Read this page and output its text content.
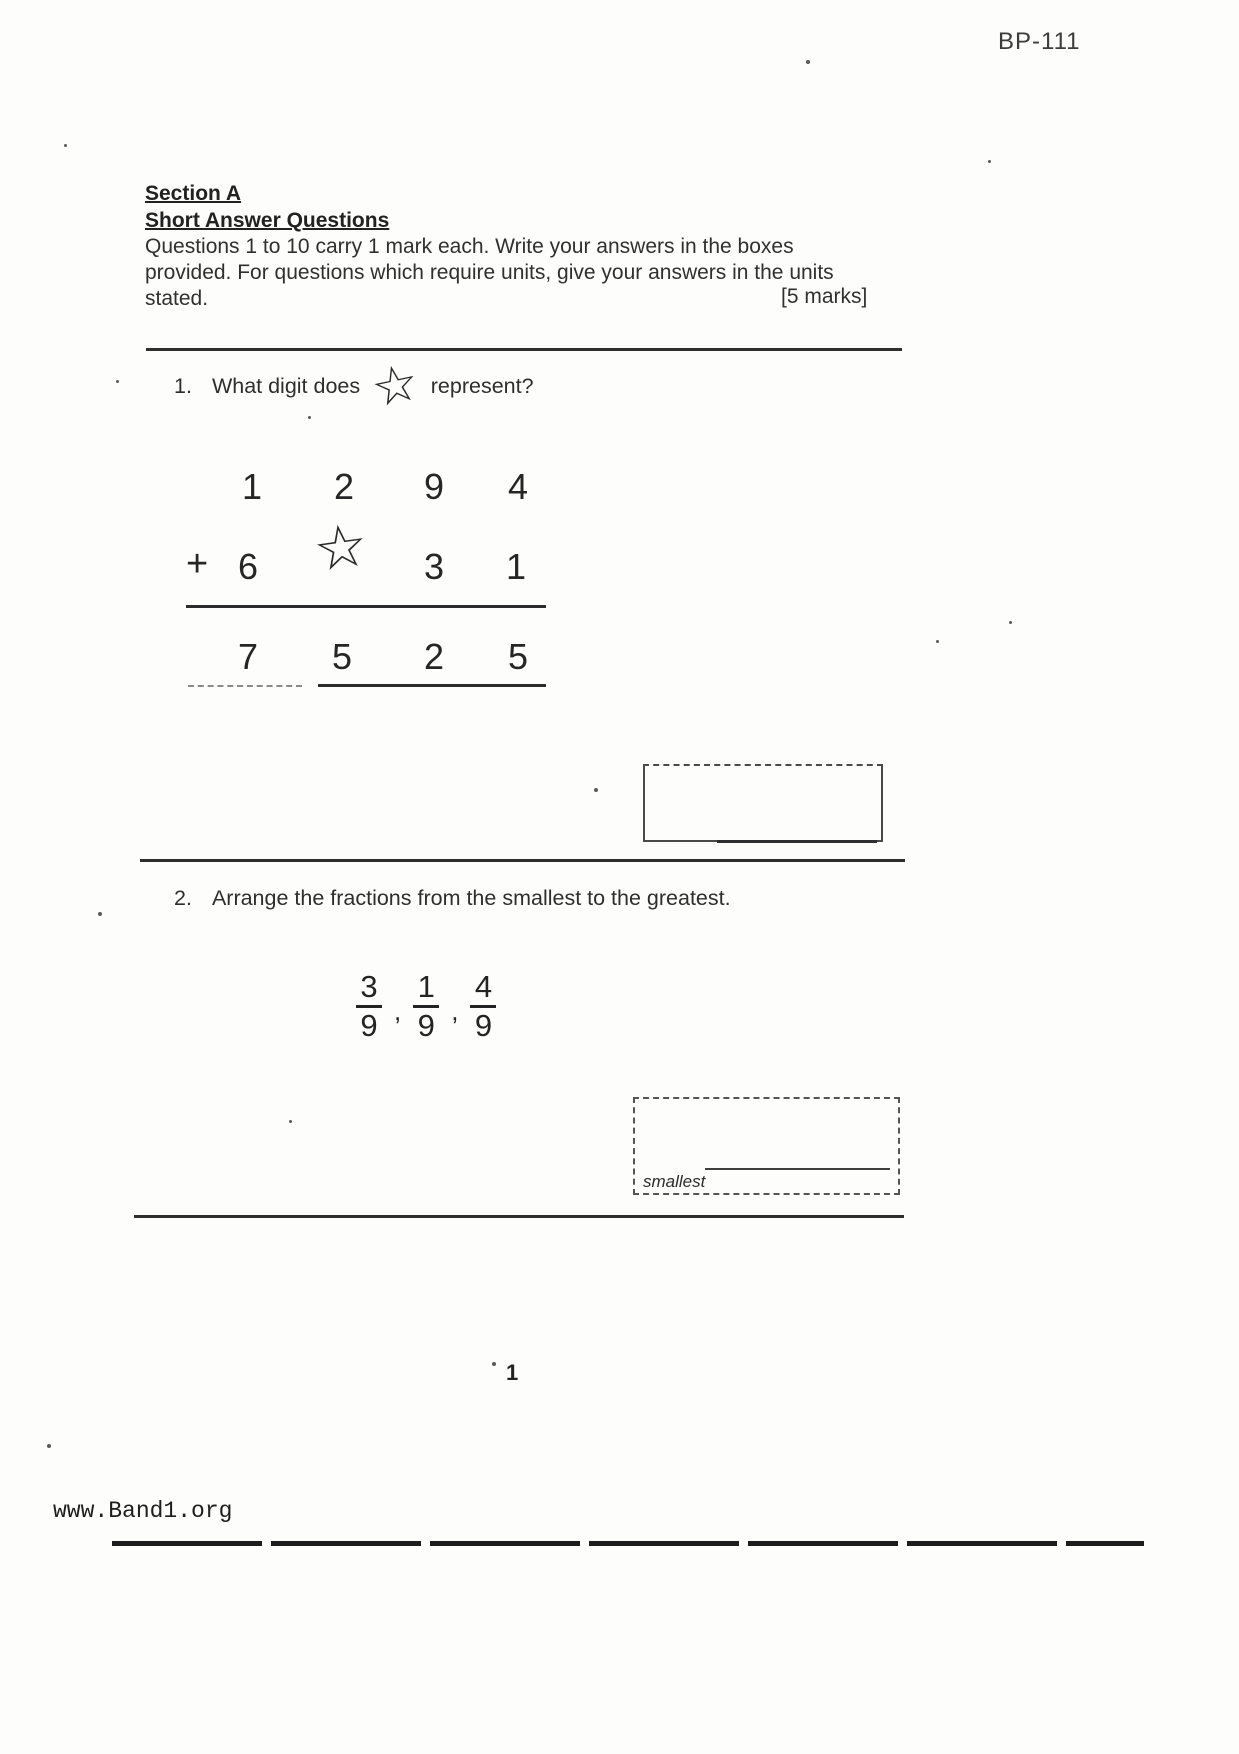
BP-111
Section A
Short Answer Questions
Questions 1 to 10 carry 1 mark each. Write your answers in the boxes provided. For questions which require units, give your answers in the units stated.	[5 marks]
1. What digit does ☆ represent?
1 2 9 4
+ 6 ☆ 3 1
7 5 2 5
2. Arrange the fractions from the smallest to the greatest.
$\frac{3}{9}$ , $\frac{1}{9}$ , $\frac{4}{9}$
smallest
1
www.Band1.org
